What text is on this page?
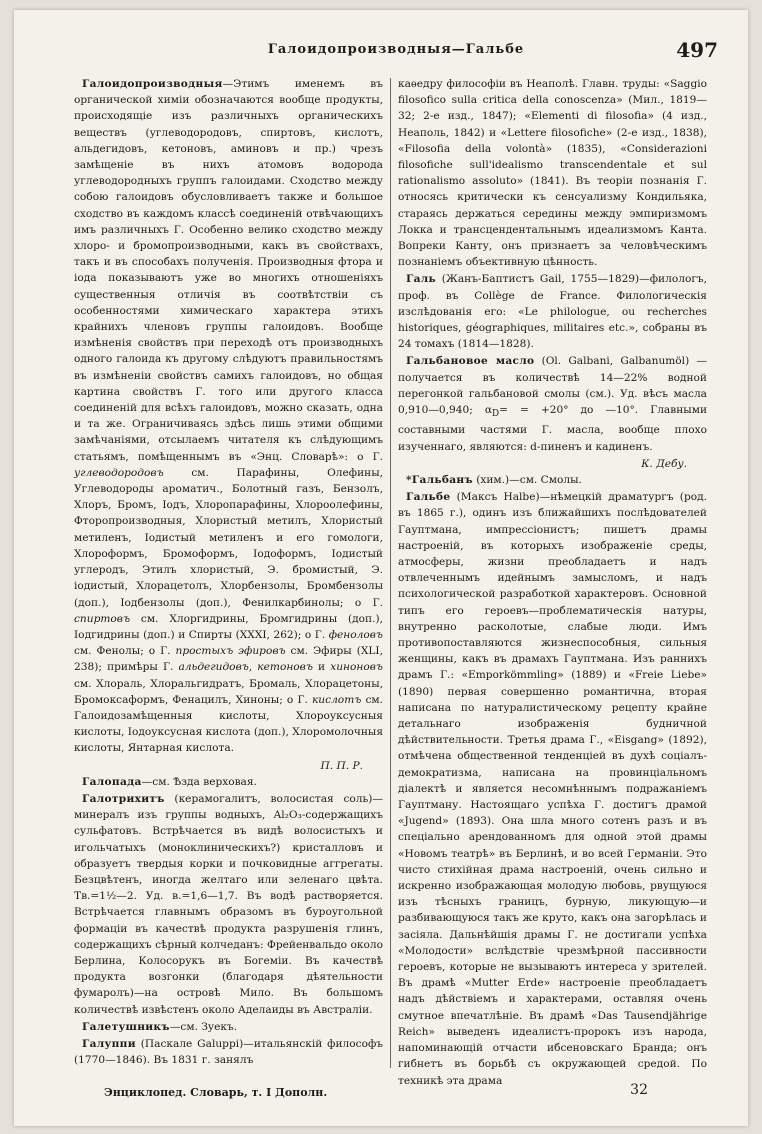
Галоидопроизводныя—Гальбе	497

Галоидопроизводныя—Этимъ именемъ въ органической химіи обозначаются вообще продукты, происходящіе изъ различныхъ органическихъ веществъ (углеводородовъ, спиртовъ, кислотъ, альдегидовъ, кетоновъ, аминовъ и пр.) чрезъ замѣщеніе въ нихъ атомовъ водорода углеводородныхъ группъ галоидами. Сходство между собою галоидовъ обусловливаетъ также и большое сходство въ каждомъ классѣ соединеній отвѣчающихъ имъ различныхъ Г. Особенно велико сходство между хлоро- и бромопроизводными, какъ въ свойствахъ, такъ и въ способахъ полученія. Производныя фтора и іода показываютъ уже во многихъ отношеніяхъ существенныя отличія въ соотвѣтствіи съ особенностями химическаго характера этихъ крайнихъ членовъ группы галоидовъ. Вообще измѣненія свойствъ при переходѣ отъ производныхъ одного галоида къ другому слѣдуютъ правильностямъ въ измѣненіи свойствъ самихъ галоидовъ, но общая картина свойствъ Г. того или другого класса соединеній для всѣхъ галоидовъ, можно сказать, одна и та же. Ограничиваясь здѣсь лишь этими общими замѣчаніями, отсылаемъ читателя къ слѣдующимъ статьямъ, помѣщеннымъ въ «Энц. Словарѣ»: о Г. углеводородовъ см. Парафины, Олефины, Углеводороды ароматич., Болотный газъ, Бензолъ, Хлоръ, Бромъ, Іодъ, Хлоропарафины, Хлороолефины, Фторопроизводныя, Хлористый метилъ, Хлористый метиленъ, Іодистый метиленъ и его гомологи, Хлороформъ, Бромоформъ, Іодоформъ, Іодистый углеродъ, Этилъ хлористый, Э. бромистый, Э. іодистый, Хлорацетолъ, Хлорбензолы, Бромбензолы (доп.), Іодбензолы (доп.), Фенилкарбинолы; о Г. спиртовъ см. Хлоргидрины, Бромгидрины (доп.), Іодгидрины (доп.) и Спирты (XXXI, 262); о Г. феноловъ см. Фенолы; о Г. простыхъ эфировъ см. Эфиры (XLI, 238); примѣры Г. альдегидовъ, кетоновъ и хиноновъ см. Хлораль, Хлоральгидратъ, Бромаль, Хлорацетоны, Бромоксаформъ, Фенацилъ, Хиноны; о Г. кислотъ см. Галоидозамѣщенныя кислоты, Хлороуксусныя кислоты, Іодоуксусная кислота (доп.), Хлоромолочныя кислоты, Янтарная кислота.

П. П. Р.

Галопада—см. Ѣзда верховая.

Галотрихитъ (керамогалитъ, волосистая соль)—минералъ изъ группы водныхъ, Al₂O₃-содержащихъ сульфатовъ. Встрѣчается въ видѣ волосистыхъ и игольчатыхъ (моноклиническихъ?) кристалловъ и образуетъ твердыя корки и почковидные аггрегаты. Безцвѣтенъ, иногда желтаго или зеленаго цвѣта. Тв.=1½—2. Уд. в.=1,6—1,7. Въ водѣ растворяется. Встрѣчается главнымъ образомъ въ буроугольной формаціи въ качествѣ продукта разрушенія глинъ, содержащихъ сѣрный колчеданъ: Фрейенвальдо около Берлина, Колосорукъ въ Богеміи. Въ качествѣ продукта возгонки (благодаря дѣятельности фумаролъ)—на островѣ Мило. Въ большомъ количествѣ извѣстенъ около Аделаиды въ Австраліи.

Галетушникъ—см. Зуекъ.

Галуппи (Паскале Galuppi)—итальянскій философъ (1770—1846). Въ 1831 г. занялъ

каѳедру философіи въ Неаполѣ. Главн. труды: «Saggio filosofico sulla critica della conoscenza» (Мил., 1819—32; 2-е изд., 1847); «Elementi di filosofia» (4 изд., Неаполь, 1842) и «Lettere filosofiche» (2-е изд., 1838), «Filosofia della volontà» (1835), «Considerazioni filosofiche sull'idealismo transcendentale et sul rationalismo assoluto» (1841). Въ теоріи познанія Г. относясь критически къ сенсуализму Кондильяка, стараясь держаться середины между эмпиризмомъ Локка и трансцендентальнымъ идеализмомъ Канта. Вопреки Канту, онъ признаетъ за человѣческимъ познаніемъ объективную цѣнность.

Галь (Жанъ-Баптистъ Gail, 1755—1829)—филологъ, проф. въ Collège de France. Филологическія изслѣдованія его: «Le philologue, ou recherches historiques, géographiques, militaires etc.», собраны въ 24 томахъ (1814—1828).

Гальбановое масло (Ol. Galbani, Galbanumöl) — получается въ количествѣ 14—22% водной перегонкой гальбановой смолы (см.). Уд. вѣсъ масла 0,910—0,940; $\alpha_D= = +20^\circ$ до —10°. Главными составными частями Г. масла, вообще плохо изученнаго, являются: d-пиненъ и кадиненъ.

К. Дебу.

*Гальбанъ (хим.)—см. Смолы.

Гальбе (Максъ Halbe)—нѣмецкій драматургъ (род. въ 1865 г.), одинъ изъ ближайшихъ послѣдователей Гауптмана, импрессіонистъ; пишетъ драмы настроеній, въ которыхъ изображеніе среды, атмосферы, жизни преобладаетъ и надъ отвлеченнымъ идейнымъ замысломъ, и надъ психологической разработкой характеровъ. Основной типъ его героевъ—проблематическія натуры, внутренно расколотые, слабые люди. Имъ противопоставляются жизнеспособныя, сильныя женщины, какъ въ драмахъ Гауптмана. Изъ раннихъ драмъ Г.: «Emporkömmling» (1889) и «Freie Liebe» (1890) первая совершенно романтична, вторая написана по натуралистическому рецепту крайне детальнаго изображенія будничной дѣйствительности. Третья драма Г., «Eisgang» (1892), отмѣчена общественной тенденціей въ духѣ соціалъ-демократизма, написана на провинціальномъ діалектѣ и является несомнѣннымъ подражаніемъ Гауптману. Настоящаго успѣха Г. достигъ драмой «Jugend» (1893). Она шла много сотенъ разъ и въ спеціально арендованномъ для одной этой драмы «Новомъ театрѣ» въ Берлинѣ, и во всей Германіи. Это чисто стихійная драма настроеній, очень сильно и искренно изображающая молодую любовь, рвущуюся изъ тѣсныхъ границъ, бурную, ликующую—и разбивающуюся такъ же круто, какъ она загорѣлась и засіяла. Дальнѣйшія драмы Г. не достигали успѣха «Молодости» вслѣдствіе чрезмѣрной пассивности героевъ, которые не вызываютъ интереса у зрителей. Въ драмѣ «Mutter Erde» настроеніе преобладаетъ надъ дѣйствіемъ и характерами, оставляя очень смутное впечатлѣніе. Въ драмѣ «Das Tausendjährige Reich» выведенъ идеалистъ-пророкъ изъ народа, напоминающій отчасти ибсеновскаго Бранда; онъ гибнетъ въ борьбѣ съ окружающей средой. По техникѣ эта драма

Энциклопед. Словарь, т. I Дополн.	32
